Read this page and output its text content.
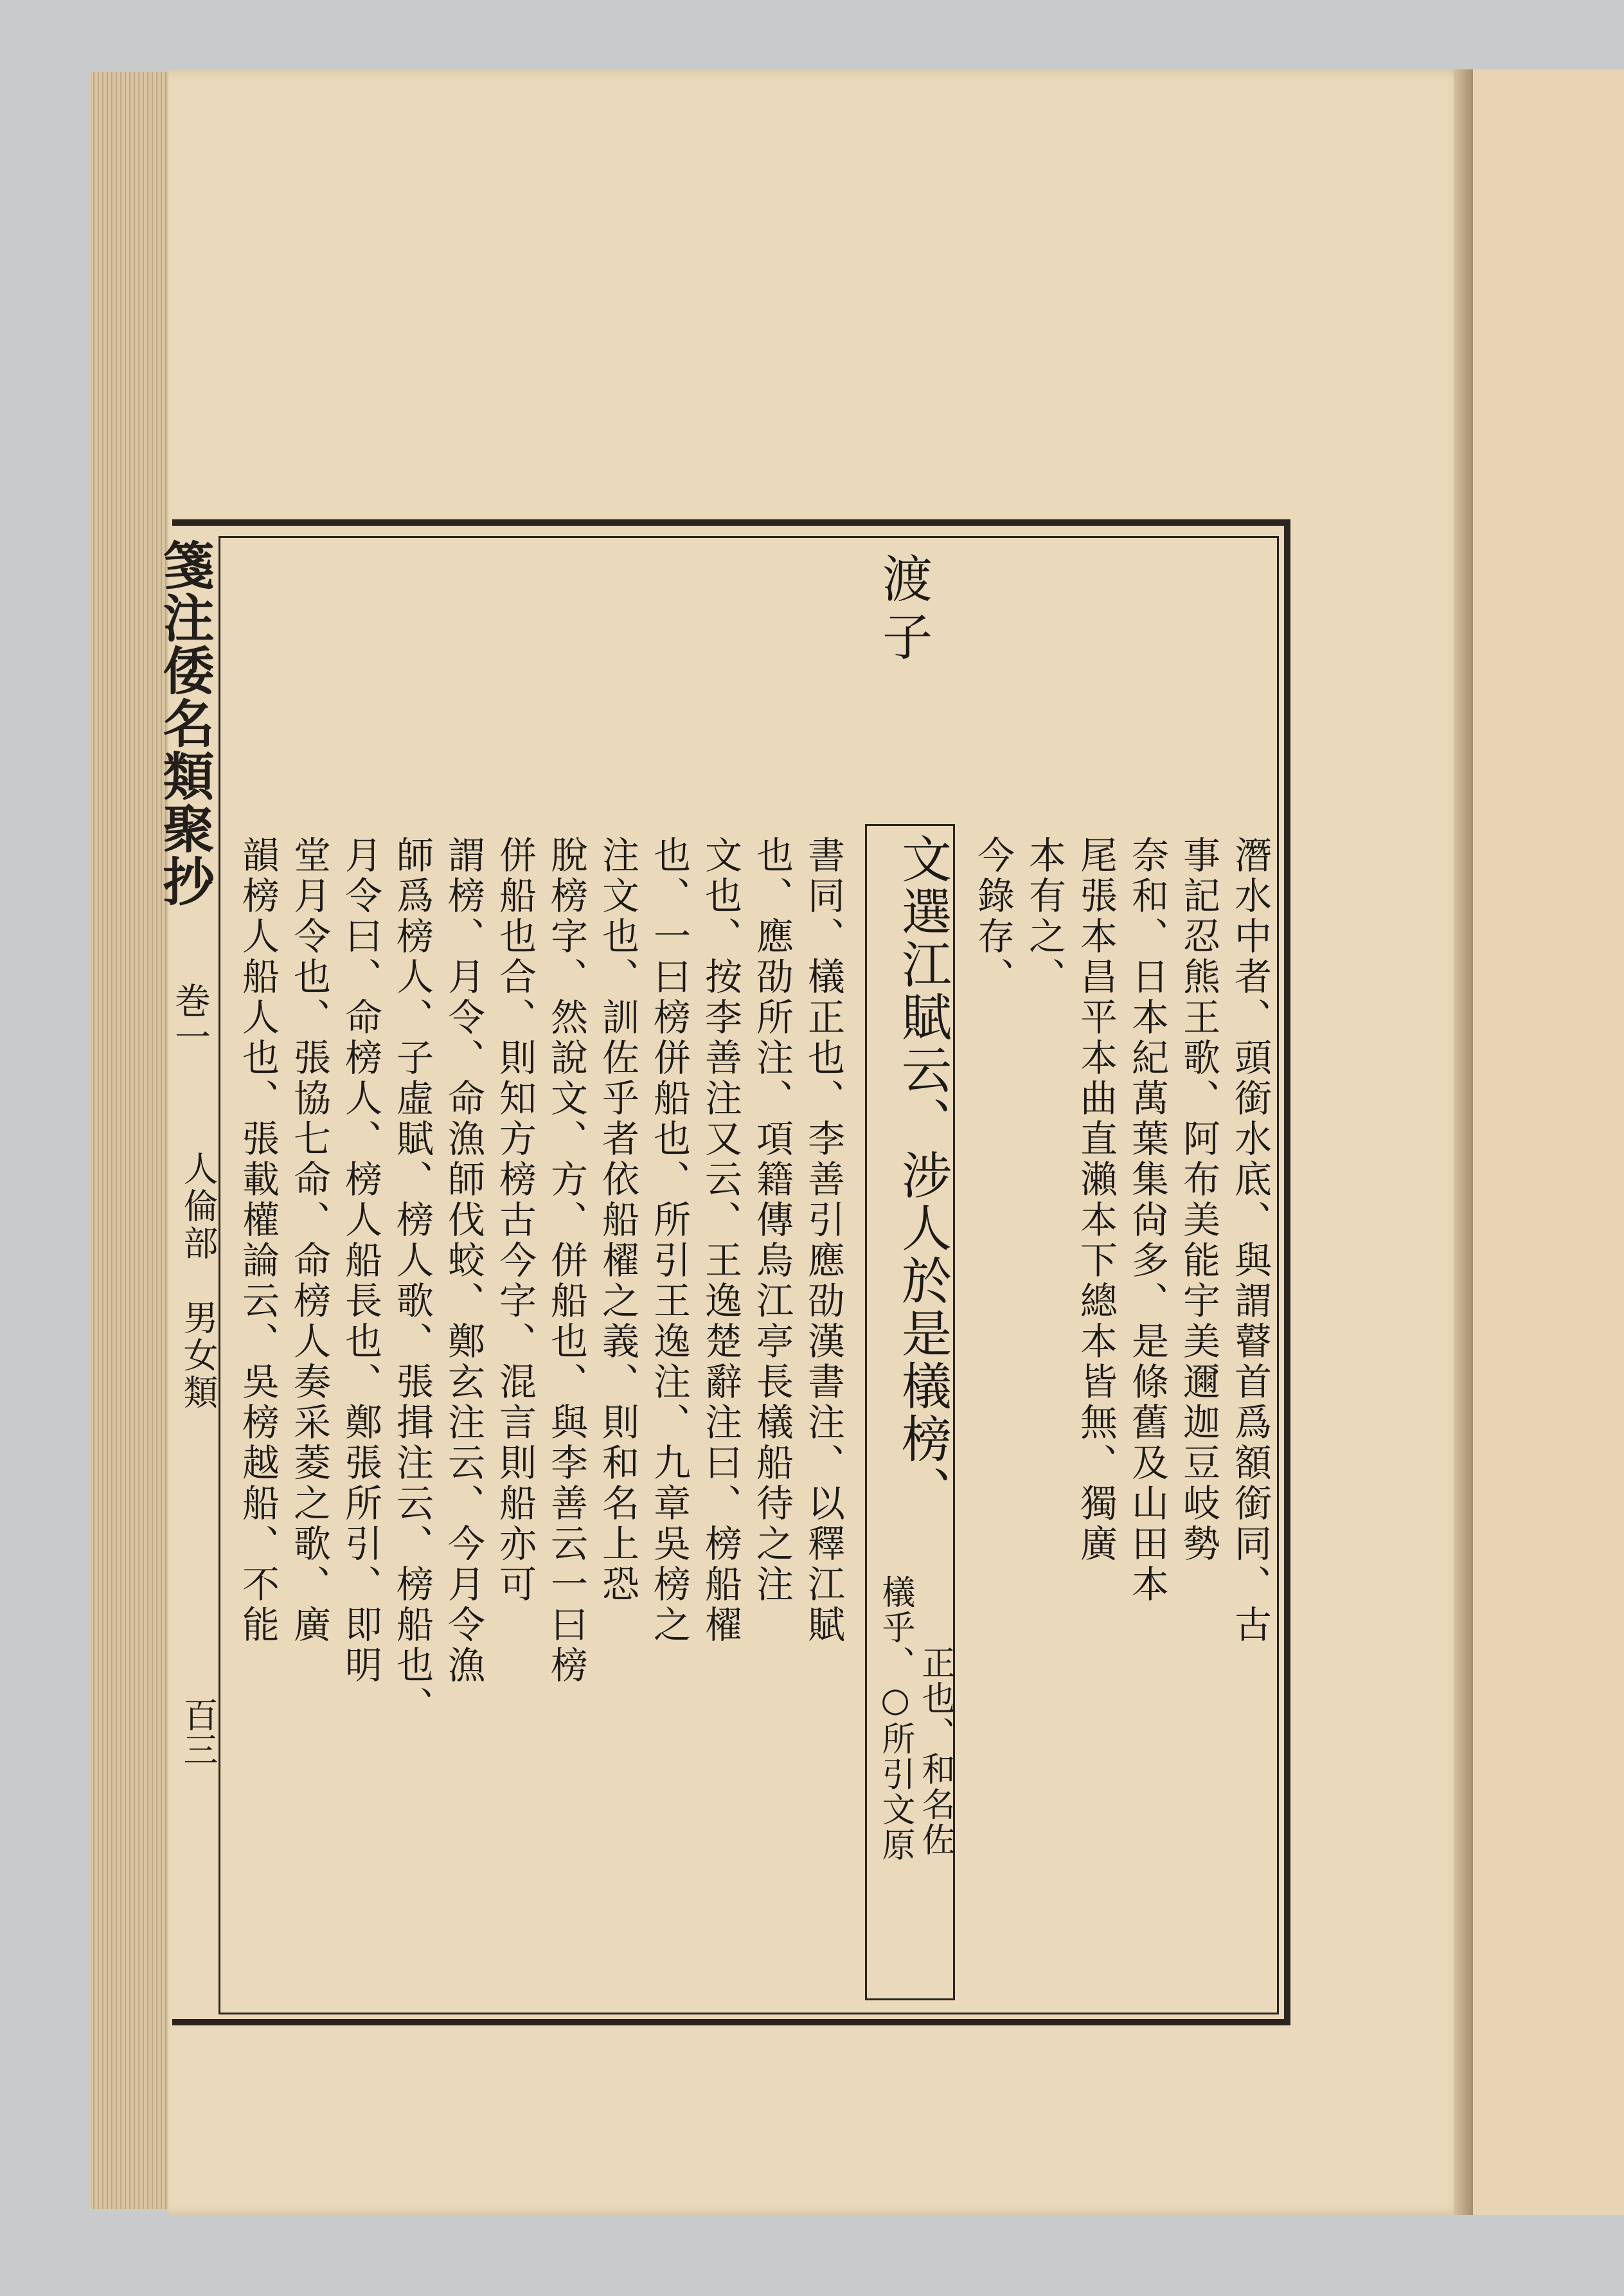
箋注倭名類聚抄
巻一
人倫部　男女類
百三
渡子
潛水中者、頭銜水底、與謂瞽首爲額銜同、古
事記忍熊王歌、阿布美能宇美邇迦豆岐勢
奈和、日本紀萬葉集尙多、是條舊及山田本
尾張本昌平本曲直瀨本下總本皆無、獨廣
本有之、
今錄存、
文選江賦云、涉人於是檥榜、
檥乎、○所引文原 正也、和名佐
書同、檥正也、李善引應劭漢書注、以釋江賦
也、應劭所注、項籍傳烏江亭長檥船待之注
文也、按李善注又云、王逸楚辭注曰、榜船櫂
也、一曰榜併船也、所引王逸注、九章吳榜之
注文也、訓佐乎者依船櫂之義、則和名上恐
脫榜字、然說文、方、併船也、與李善云一曰榜
併船也合、則知方榜古今字、混言則船亦可
謂榜、月令、命漁師伐蛟、鄭玄注云、今月令漁
師爲榜人、子虛賦、榜人歌、張揖注云、榜船也、
月令曰、命榜人、榜人船長也、鄭張所引、即明
堂月令也、張協七命、命榜人奏采菱之歌、廣
韻榜人船人也、張載權論云、吳榜越船、不能
